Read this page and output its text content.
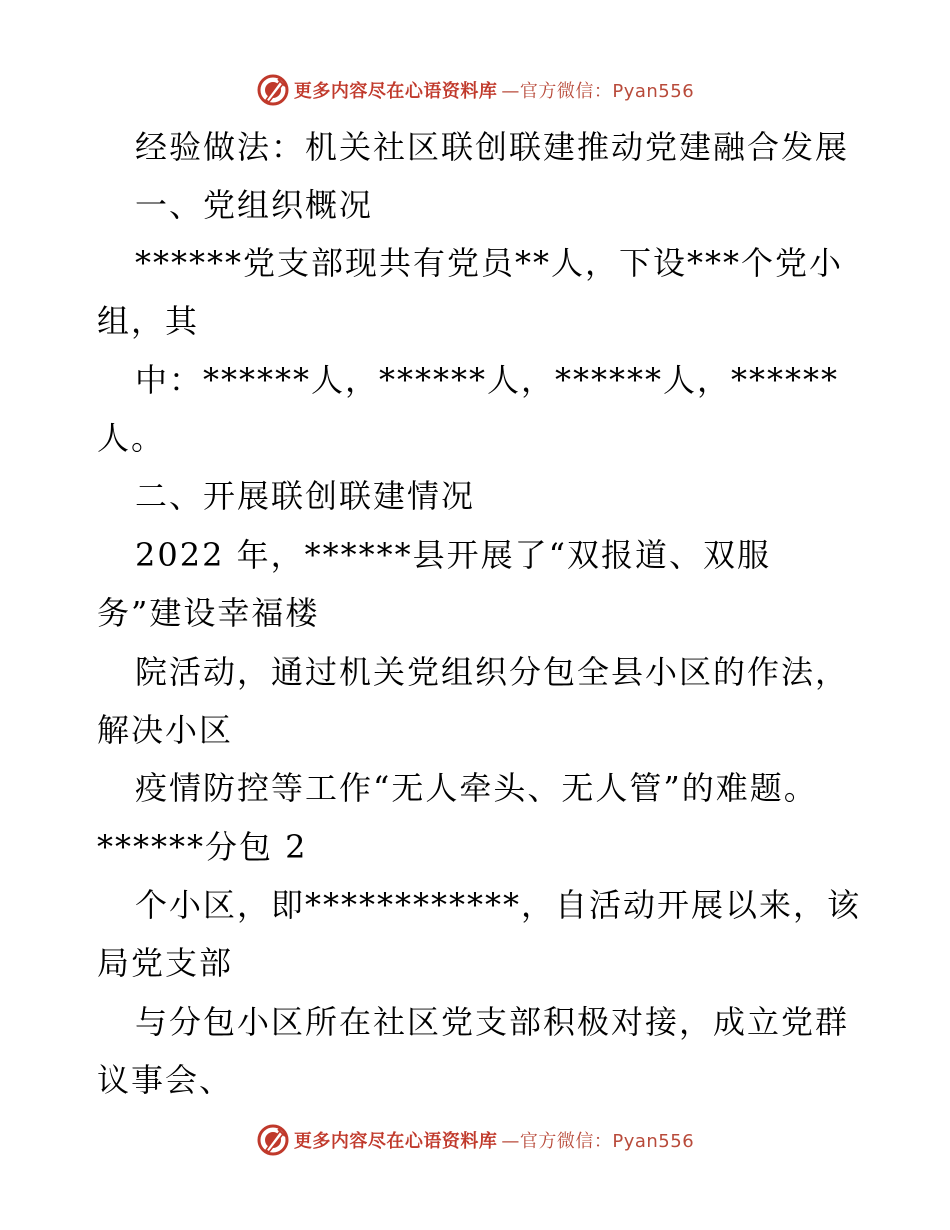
更多内容尽在心语资料库 —官方微信：Pyan556
经验做法：机关社区联创联建推动党建融合发展
一、党组织概况
******党支部现共有党员**人，下设***个党小
组，其
中：******人，******人，******人，******
人。
二、开展联创联建情况
2022 年，******县开展了“双报道、双服
务”建设幸福楼
院活动，通过机关党组织分包全县小区的作法，
解决小区
疫情防控等工作“无人牵头、无人管”的难题。
******分包 2
个小区，即************，自活动开展以来，该
局党支部
与分包小区所在社区党支部积极对接，成立党群
议事会、
更多内容尽在心语资料库 —官方微信：Pyan556
